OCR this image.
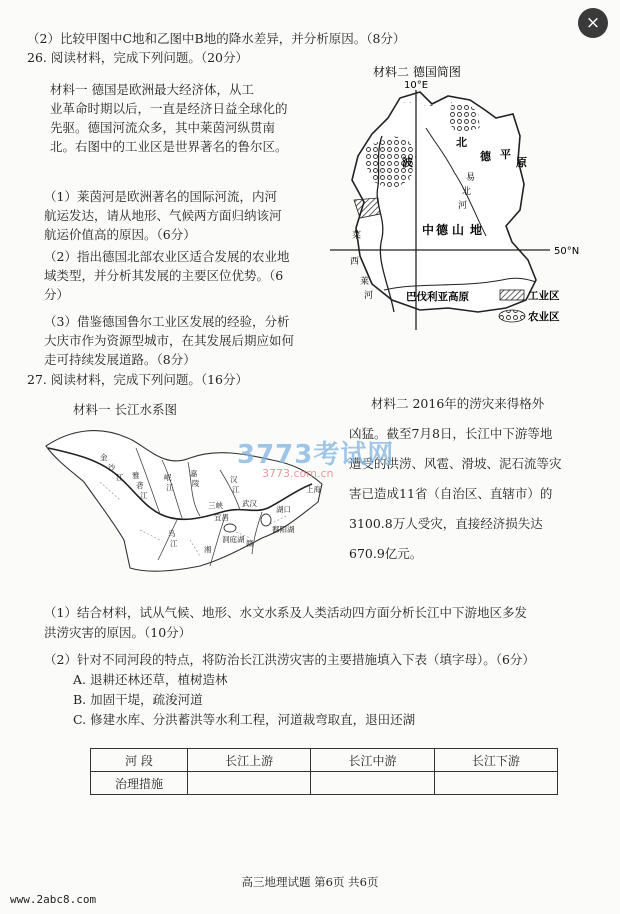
×
（2）比较甲图中C地和乙图中B地的降水差异，并分析原因。（8分）
26. 阅读材料，完成下列问题。（20分）
材料一 德国是欧洲最大经济体，从工
业革命时期以后，一直是经济日益全球化的
先驱。德国河流众多，其中莱茵河纵贯南
北。右图中的工业区是世界著名的鲁尔区。
（1）莱茵河是欧洲著名的国际河流，内河
航运发达，请从地形、气候两方面归纳该河
航运价值高的原因。（6分）
（2）指出德国北部农业区适合发展的农业地
域类型，并分析其发展的主要区位优势。（6
分）
（3）借鉴德国鲁尔工业区发展的经验，分析
大庆市作为资源型城市，在其发展后期应如何
走可持续发展道路。（8分）
27. 阅读材料，完成下列问题。（16分）
材料一 长江水系图
材料二 德国简图
10°E
50°N
北
德 平
原
中 德 山 地
巴伐利亚高原
莱
易
北
河
波
河
西
菜
工业区
农业区
金
沙
江 雅
砻
江
岷
江
嘉
陵	汉
江
洞庭湖
鄱阳湖
三峡
宜昌
武汉
湖口
上海
乌
江
湘
赣
材料二 2016年的涝灾来得格外
凶猛。截至7月8日，长江中下游等地
遭受的洪涝、风雹、滑坡、泥石流等灾
害已造成11省（自治区、直辖市）的
3100.8万人受灾，直接经济损失达
670.9亿元。
3773考试网
3773.com.cn
（1）结合材料，试从气候、地形、水文水系及人类活动四方面分析长江中下游地区多发
洪涝灾害的原因。（10分）
（2）针对不同河段的特点，将防治长江洪涝灾害的主要措施填入下表（填字母）。（6分）
A. 退耕还林还草，植树造林
B. 加固干堤，疏浚河道
C. 修建水库、分洪蓄洪等水利工程，河道裁弯取直，退田还湖
河 段	长江上游	长江中游	长江下游
治理措施			
高三地理试题 第6页 共6页
www.2abc8.com
